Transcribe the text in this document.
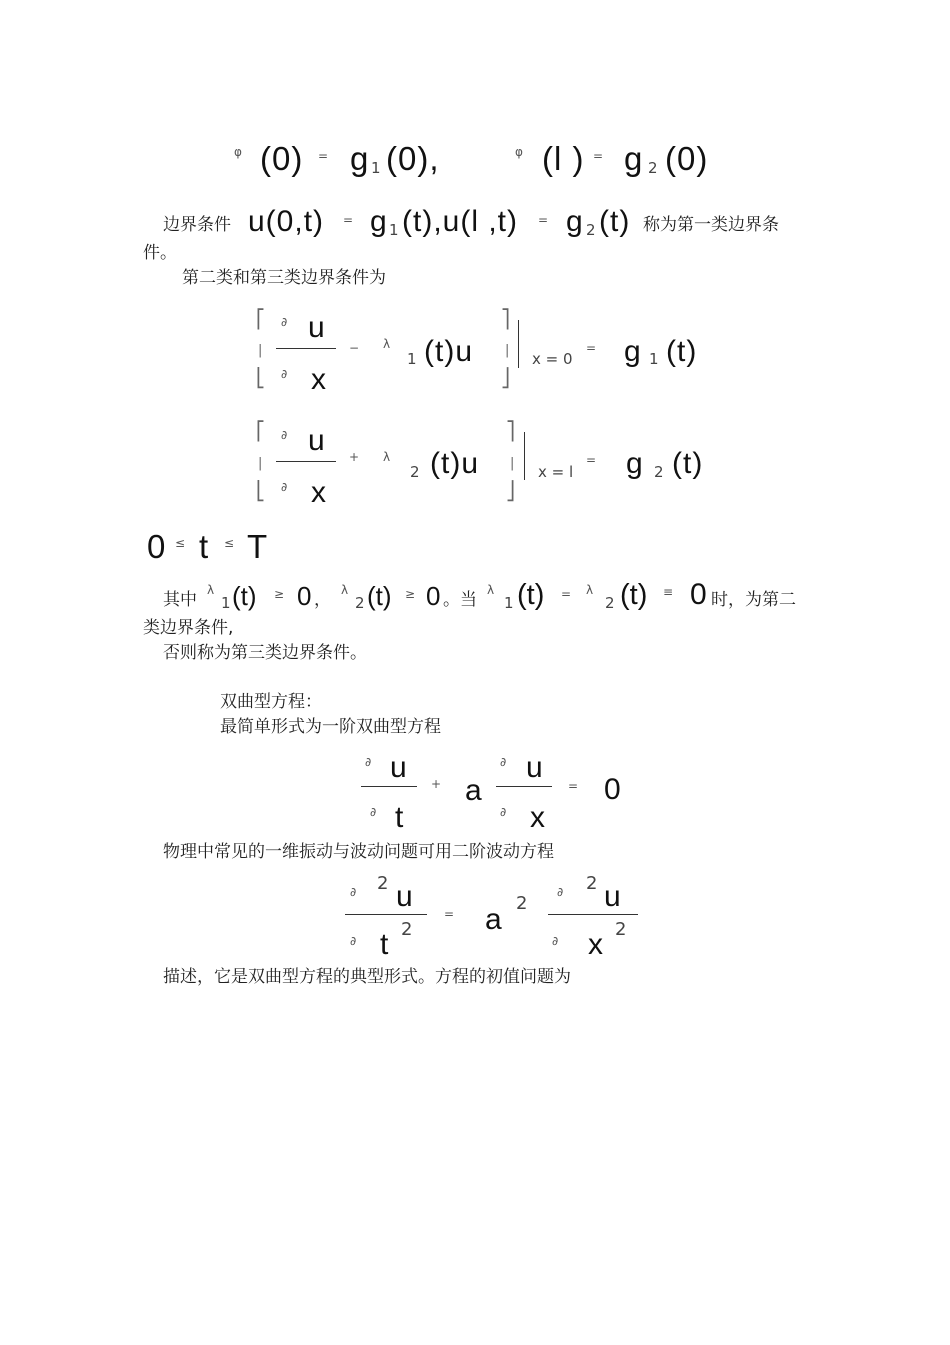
φ (0) = g 1 (0),	φ (l ) = g 2 (0)
边界条件 u(0,t) = g 1 (t),u(l ,t) = g 2 (t) 称为第一类边界条
件。
第二类和第三类边界条件为
⎡
|
⎣
∂ u
∂ x
− λ
1 (t)u
⎤
|
⎦
x = 0
= g 1 (t)
⎡
|
⎣
∂ u
∂ x
+ λ
2 (t)u
⎤
|
⎦
x = l
= g 2 (t)
0 ≤ t ≤ T
其中 λ
1 (t) ≥ 0 ， λ
2 (t) ≥ 0 。当 λ
1 (t) = λ
2 (t) ≡ 0 时，为第二
类边界条件,
否则称为第三类边界条件。
双曲型方程：
最简单形式为一阶双曲型方程
∂ u
∂ t
+ a
∂ u
∂ x
= 0
物理中常见的一维振动与波动问题可用二阶波动方程
∂ 2 u
∂ t 2
= a 2
∂ 2 u
∂ x 2
描述，它是双曲型方程的典型形式。方程的初值问题为
